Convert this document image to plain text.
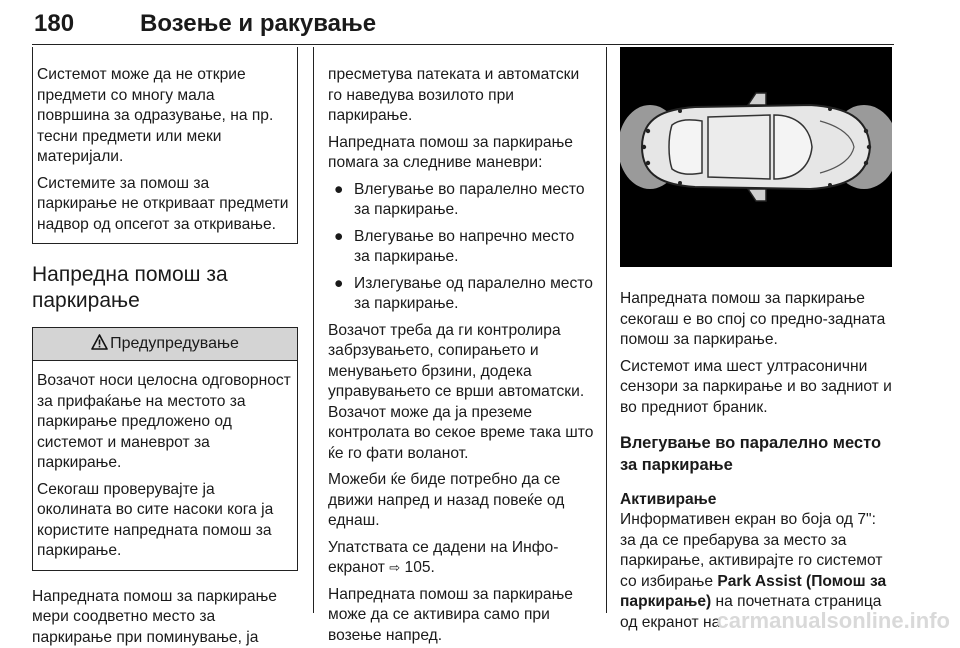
180	Возење и ракување

Системот може да не открие предмети со многу мала површина за одразување, на пр. тесни предмети или меки материјали.

Системите за помош за паркирање не откриваат предмети надвор од опсегот за откривање.

Напредна помош за паркирање
Предупредување

Возачот носи целосна одговорност за прифаќање на местото за паркирање предложено од системот и маневрот за паркирање.

Секогаш проверувајте ја околината во сите насоки кога ја користите напредната помош за паркирање.

Напредната помош за паркирање мери соодветно место за паркирање при поминување, ја

пресметува патеката и автоматски го наведува возилото при паркирање.

Напредната помош за паркирање помага за следниве маневри:

● Влегување во паралелно место за паркирање.
● Влегување во напречно место за паркирање.
● Излегување од паралелно место за паркирање.

Возачот треба да ги контролира забрзувањето, сопирањето и менувањето брзини, додека управувањето се врши автоматски. Возачот може да ја преземе контролата во секое време така што ќе го фати воланот.

Можеби ќе биде потребно да се движи напред и назад повеќе од еднаш.

Упатствата се дадени на Инфо-екранот ⇨ 105.

Напредната помош за паркирање може да се активира само при возење напред.

Напредната помош за паркирање секогаш е во спој со предно-задната помош за паркирање.

Системот има шест ултрасонични сензори за паркирање и во задниот и во предниот браник.

Влегување во паралелно место за паркирање
Активирање

Информативен екран во боја од 7": за да се пребарува за место за паркирање, активирајте го системот со избирање Park Assist (Помош за паркирање) на почетната страница од екранот на

carmanualsonline.info
